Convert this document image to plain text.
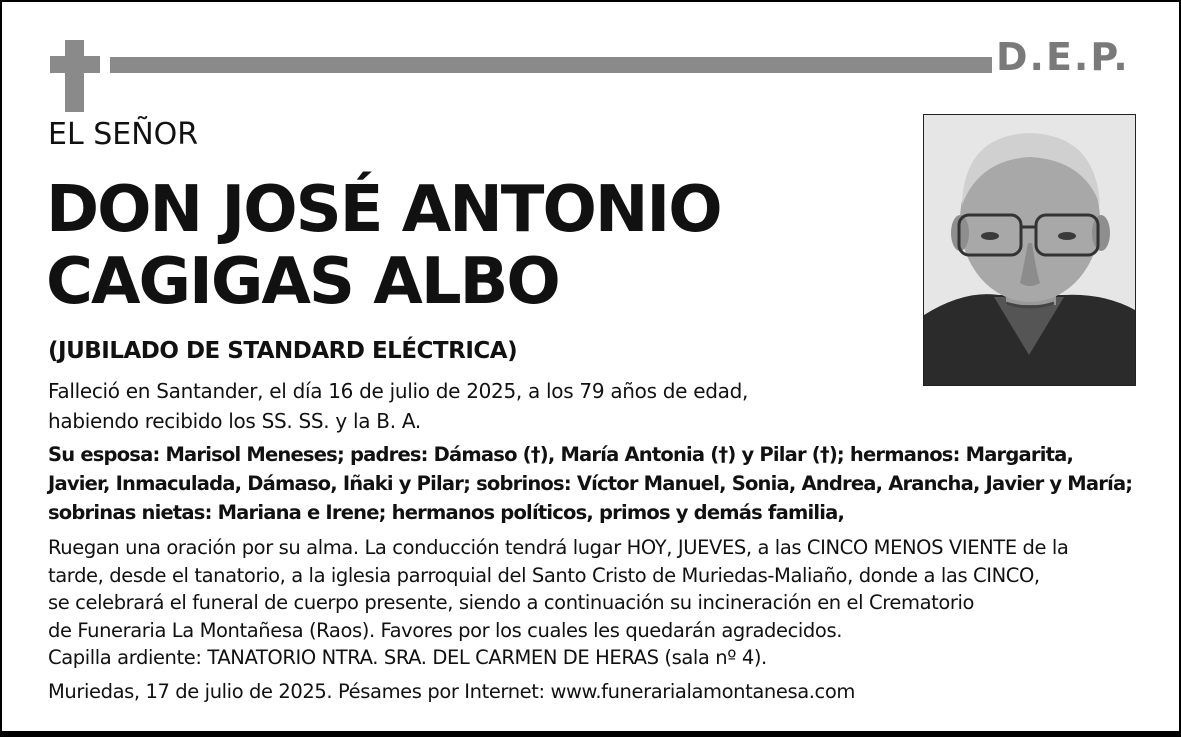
D.E.P.
EL SEÑOR
DON JOSÉ ANTONIO
CAGIGAS ALBO
(JUBILADO DE STANDARD ELÉCTRICA)
Falleció en Santander, el día 16 de julio de 2025, a los 79 años de edad,
habiendo recibido los SS. SS. y la B. A.
Su esposa: Marisol Meneses; padres: Dámaso (†), María Antonia (†) y Pilar (†); hermanos: Margarita,
Javier, Inmaculada, Dámaso, Iñaki y Pilar; sobrinos: Víctor Manuel, Sonia, Andrea, Arancha, Javier y María;
sobrinas nietas: Mariana e Irene; hermanos políticos, primos y demás familia,
Ruegan una oración por su alma. La conducción tendrá lugar HOY, JUEVES, a las CINCO MENOS VIENTE de la
tarde, desde el tanatorio, a la iglesia parroquial del Santo Cristo de Muriedas-Maliaño, donde a las CINCO,
se celebrará el funeral de cuerpo presente, siendo a continuación su incineración en el Crematorio
de Funeraria La Montañesa (Raos). Favores por los cuales les quedarán agradecidos.
Capilla ardiente: TANATORIO NTRA. SRA. DEL CARMEN DE HERAS (sala nº 4).
Muriedas, 17 de julio de 2025. Pésames por Internet: www.funerarialamontanesa.com
